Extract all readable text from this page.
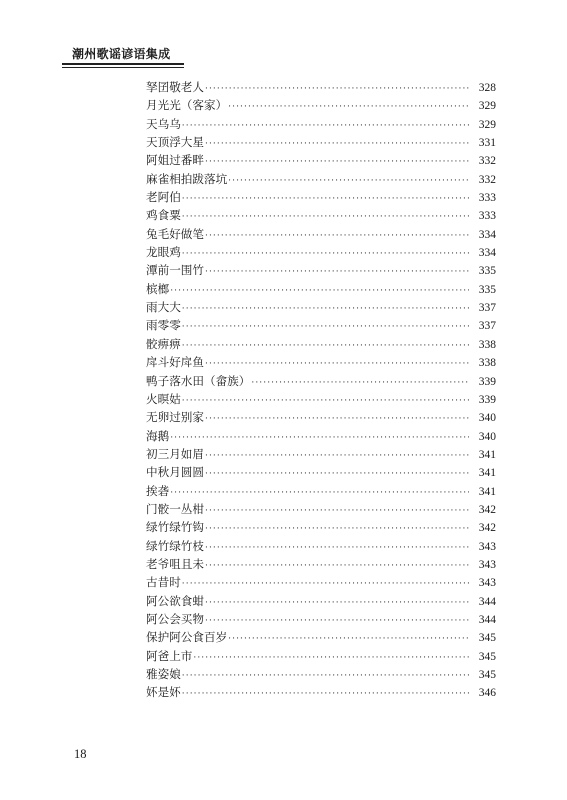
潮州歌谣谚语集成
孥囝敬老人 ·····	328
月光光（客家） ·····	329
天乌乌 ·····	329
天顶浮大星 ·····	331
阿姐过番畔 ·····	332
麻雀相拍跋落坑 ·····	332
老阿伯 ·····	333
鸡食粟 ·····	333
兔毛好做笔 ·····	334
龙眼鸡 ·····	334
潭前一围竹 ·····	335
槟榔 ·····	335
雨大大 ·····	337
雨零零 ·····	337
骹痹痹 ·····	338
戽斗好戽鱼 ·····	338
鸭子落水田（畲族） ·····	339
火暝姑 ·····	339
无卵过别家 ·····	340
海鹅 ·····	340
初三月如眉 ·····	341
中秋月圆圆 ·····	341
挨砻 ·····	341
门骹一丛柑 ·····	342
绿竹绿竹钩 ·····	342
绿竹绿竹枝 ·····	343
老爷咀且未 ·····	343
古昔时 ·····	343
阿公欲食蚶 ·····	344
阿公会买物 ·····	344
保护阿公食百岁 ·····	345
阿爸上市 ·····	345
雅姿娘 ·····	345
妚是妚 ·····	346
18
